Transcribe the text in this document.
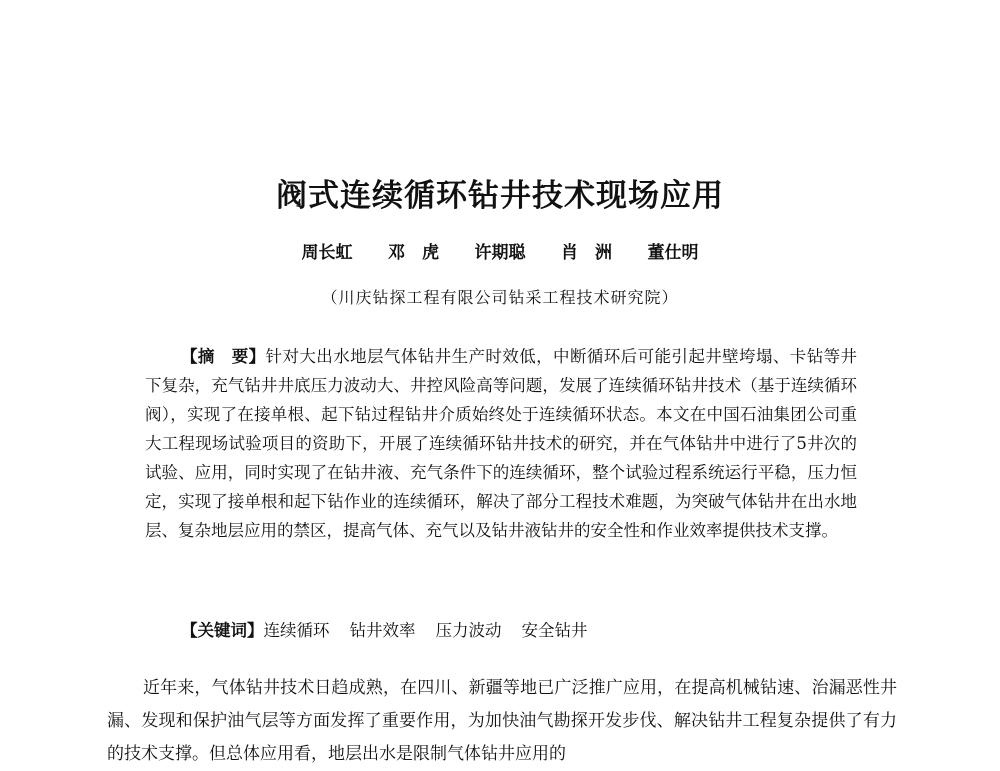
阀式连续循环钻井技术现场应用
周长虹 邓　虎 许期聪 肖　洲 董仕明
（川庆钻探工程有限公司钻采工程技术研究院）

【摘　要】针对大出水地层气体钻井生产时效低，中断循环后可能引起井壁垮塌、卡钻等井下复杂，充气钻井井底压力波动大、井控风险高等问题，发展了连续循环钻井技术（基于连续循环阀），实现了在接单根、起下钻过程钻井介质始终处于连续循环状态。本文在中国石油集团公司重大工程现场试验项目的资助下，开展了连续循环钻井技术的研究，并在气体钻井中进行了5井次的试验、应用，同时实现了在钻井液、充气条件下的连续循环，整个试验过程系统运行平稳，压力恒定，实现了接单根和起下钻作业的连续循环，解决了部分工程技术难题，为突破气体钻井在出水地层、复杂地层应用的禁区，提高气体、充气以及钻井液钻井的安全性和作业效率提供技术支撑。

【关键词】连续循环 钻井效率 压力波动 安全钻井

近年来，气体钻井技术日趋成熟，在四川、新疆等地已广泛推广应用，在提高机械钻速、治漏恶性井漏、发现和保护油气层等方面发挥了重要作用，为加快油气勘探开发步伐、解决钻井工程复杂提供了有力的技术支撑。但总体应用看，地层出水是限制气体钻井应用的
